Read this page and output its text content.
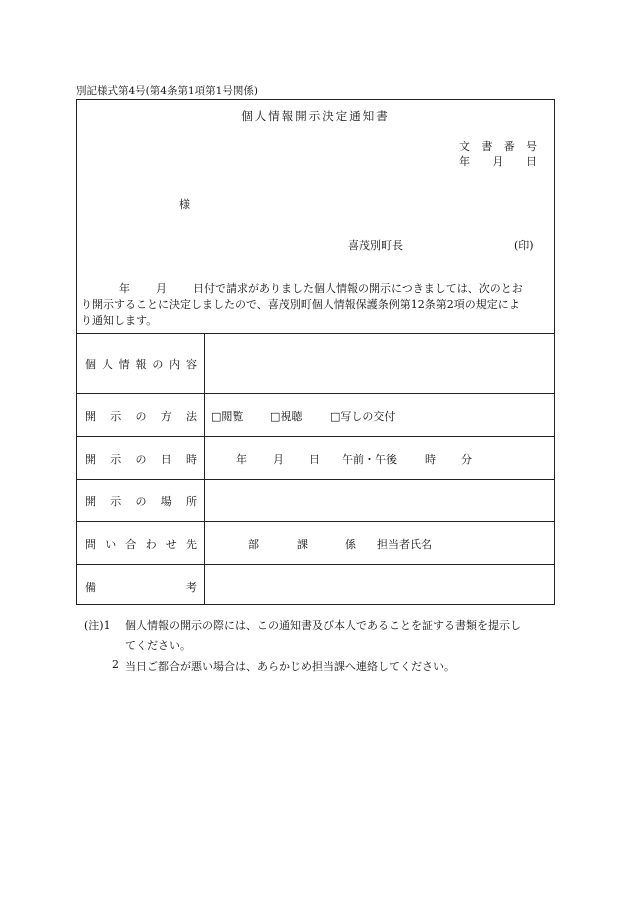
別記様式第4号(第4条第1項第1号関係)
個人情報開示決定通知書
文 書 番 号
年 月 日
様
喜茂別町長	(印)
年 月 日付で請求がありました個人情報の開示につきましては、次のとお
り開示することに決定しましたので、喜茂別町個人情報保護条例第12条第2項の規定によ
り通知します。
個 人 情 報 の 内 容
開 示 の 方 法 □閲覧 □視聴	□写しの交付
開 示 の 日 時	年 月 日 午前・午後	時 分
開 示 の 場 所
問 い 合 わ せ 先	部	課	係 担当者氏名
備	考
(注)1 個人情報の開示の際には、この通知書及び本人であることを証する書類を提示し
てください。
2 当日ご都合が悪い場合は、あらかじめ担当課へ連絡してください。
